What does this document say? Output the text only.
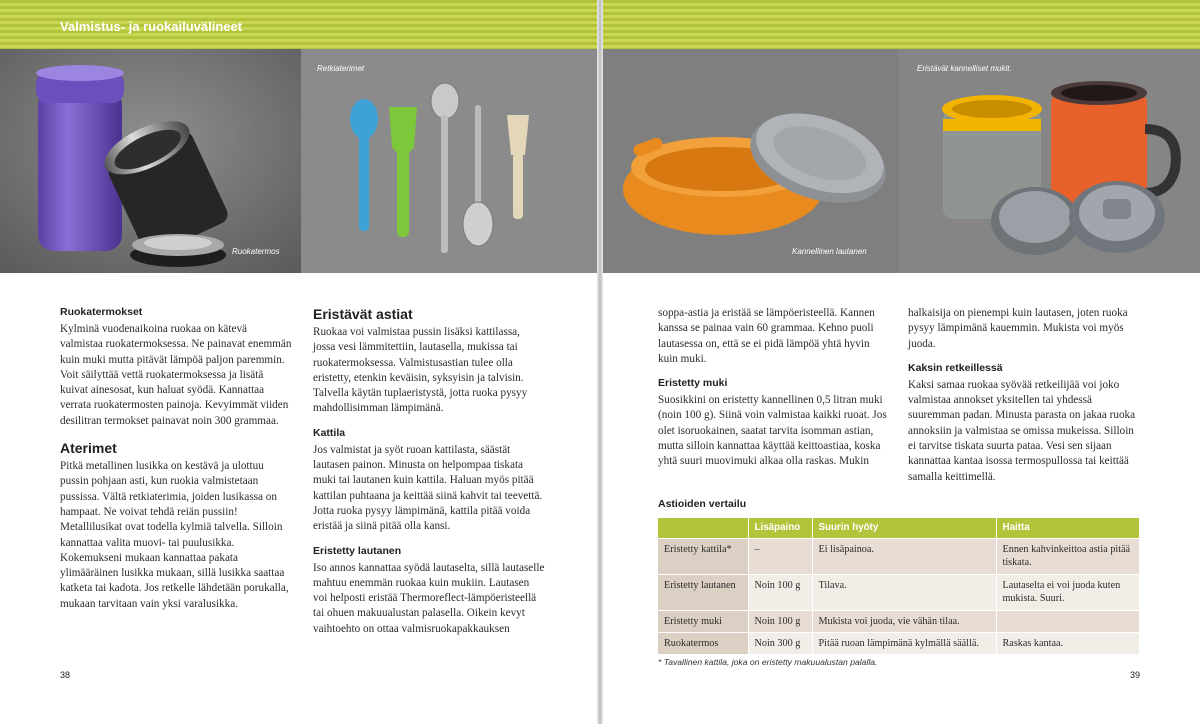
Valmistus- ja ruokailuvälineet
Ruokatermos
Retkiaterimet
Kannellinen lautanen
Eristävät kannelliset mukit.
Ruokatermokset

Kylminä vuodenaikoina ruokaa on kätevä valmistaa ruokatermoksessa. Ne painavat enemmän kuin muki mutta pitävät lämpöä paljon paremmin. Voit säilyttää vettä ruokatermoksessa ja lisätä kuivat ainesosat, kun haluat syödä. Kannattaa verrata ruokatermosten painoja. Kevyimmät viiden desilitran termokset painavat noin 300 grammaa.

Aterimet

Pitkä metallinen lusikka on kestävä ja ulottuu pussin pohjaan asti, kun ruokia valmistetaan pussissa. Vältä retkiaterimia, joiden lusikassa on hampaat. Ne voivat tehdä reiän pussiin! Metallilusikat ovat todella kylmiä talvella. Silloin kannattaa valita muovi- tai puulusikka. Kokemukseni mukaan kannattaa pakata ylimääräinen lusikka mukaan, sillä lusikka saattaa katketa tai kadota. Jos retkelle lähdetään porukalla, mukaan tarvitaan vain yksi varalusikka.

Eristävät astiat

Ruokaa voi valmistaa pussin lisäksi kattilassa, jossa vesi lämmitettiin, lautasella, mukissa tai ruokatermoksessa. Valmistusastian tulee olla eristetty, etenkin keväisin, syksyisin ja talvisin. Talvella käytän tuplaeristystä, jotta ruoka pysyy mahdollisimman lämpimänä.

Kattila

Jos valmistat ja syöt ruoan kattilasta, säästät lautasen painon. Minusta on helpompaa tiskata muki tai lautanen kuin kattila. Haluan myös pitää kattilan puhtaana ja keittää siinä kahvit tai teevettä. Jotta ruoka pysyy lämpimänä, kattila pitää voida eristää ja siinä pitää olla kansi.

Eristetty lautanen

Iso annos kannattaa syödä lautaselta, sillä lautaselle mahtuu enemmän ruokaa kuin mukiin. Lautasen voi helposti eristää Thermoreflect-lämpöeristeellä tai ohuen makuualustan palasella. Oikein kevyt vaihtoehto on ottaa valmisruokapakkauksen

soppa-astia ja eristää se lämpöeristeellä. Kannen kanssa se painaa vain 60 grammaa. Kehno puoli lautasessa on, että se ei pidä lämpöä yhtä hyvin kuin muki.

Eristetty muki

Suosikkini on eristetty kannellinen 0,5 litran muki (noin 100 g). Siinä voin valmistaa kaikki ruoat. Jos olet isoruokainen, saatat tarvita isomman astian, mutta silloin kannattaa käyttää keittoastiaa, koska yhtä suuri muovimuki alkaa olla raskas. Mukin

halkaisija on pienempi kuin lautasen, joten ruoka pysyy lämpimänä kauemmin. Mukista voi myös juoda.

Kaksin retkeillessä

Kaksi samaa ruokaa syövää retkeilijää voi joko valmistaa annokset yksitellen tai yhdessä suuremman padan. Minusta parasta on jakaa ruoka annoksiin ja valmistaa se omissa mukeissa. Silloin ei tarvitse tiskata suurta pataa. Vesi sen sijaan kannattaa kantaa isossa termospullossa tai keittää samalla keittimellä.

Astioiden vertailu
	Lisäpaino	Suurin hyöty	Haitta
Eristetty kattila*	–	Ei lisäpainoa.	Ennen kahvinkeittoa astia pitää tiskata.
Eristetty lautanen	Noin 100 g	Tilava.	Lautaselta ei voi juoda kuten mukista. Suuri.
Eristetty muki	Noin 100 g	Mukista voi juoda, vie vähän tilaa.	
Ruokatermos	Noin 300 g	Pitää ruoan lämpimänä kylmällä säällä.	Raskas kantaa.
* Tavallinen kattila, joka on eristetty makuualustan palalla.
38	39
